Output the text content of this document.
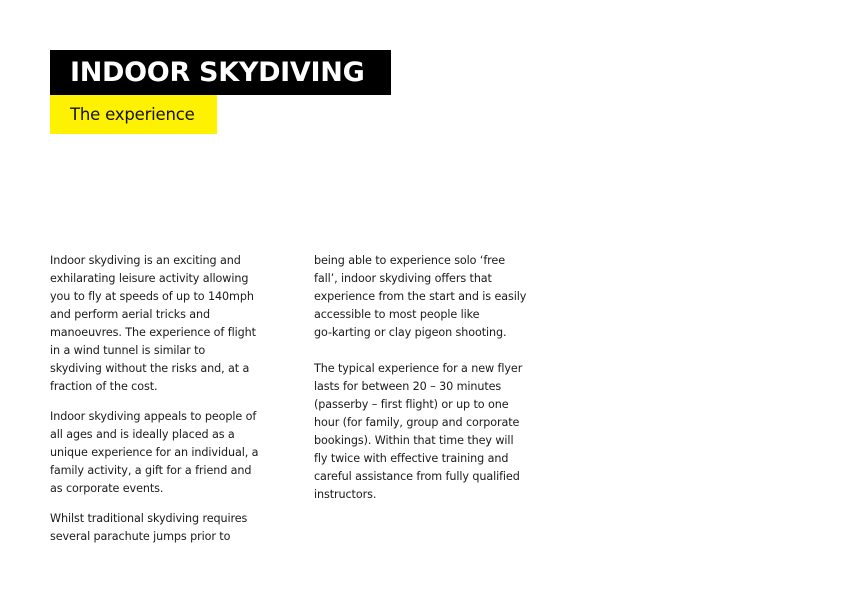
INDOOR SKYDIVING
The experience

Indoor skydiving is an exciting and
exhilarating leisure activity allowing
you to fly at speeds of up to 140mph
and perform aerial tricks and
manoeuvres. The experience of flight
in a wind tunnel is similar to
skydiving without the risks and, at a
fraction of the cost.

Indoor skydiving appeals to people of
all ages and is ideally placed as a
unique experience for an individual, a
family activity, a gift for a friend and
as corporate events.

Whilst traditional skydiving requires
several parachute jumps prior to

being able to experience solo ‘free
fall’, indoor skydiving offers that
experience from the start and is easily
accessible to most people like
go-karting or clay pigeon shooting.

The typical experience for a new flyer
lasts for between 20 – 30 minutes
(passerby – first flight) or up to one
hour (for family, group and corporate
bookings). Within that time they will
fly twice with effective training and
careful assistance from fully qualified
instructors.
